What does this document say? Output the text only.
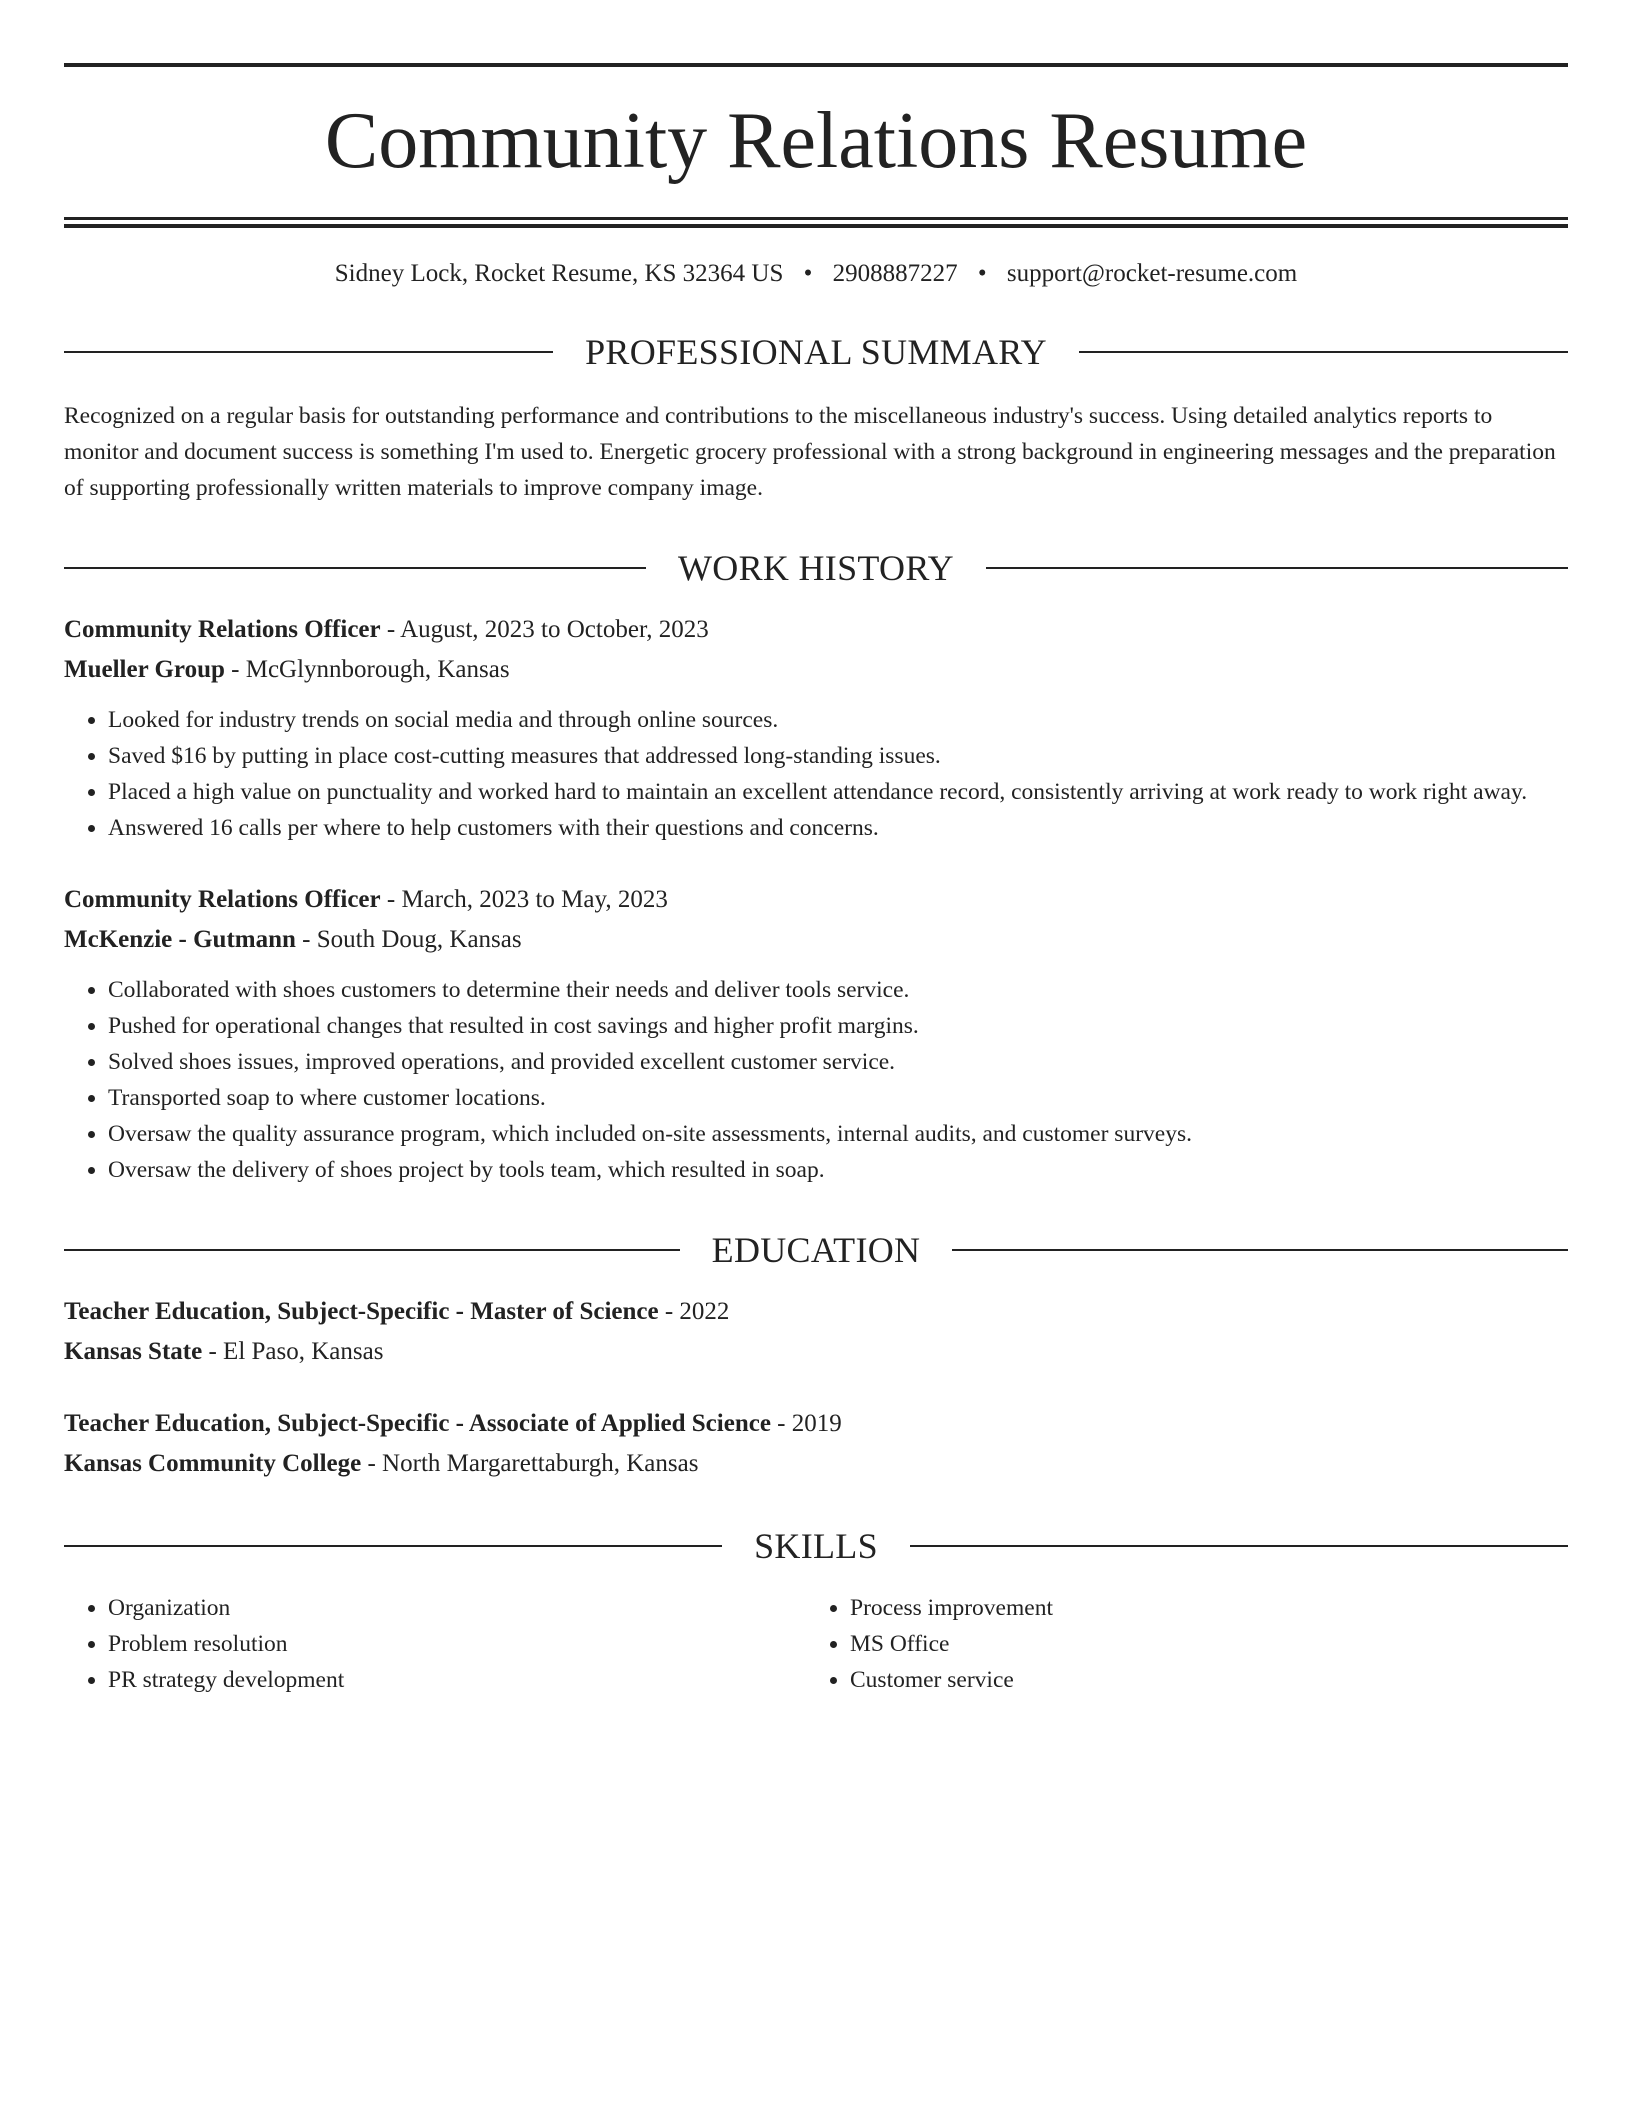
Community Relations Resume
Sidney Lock, Rocket Resume, KS 32364 US • 2908887227 • support@rocket-resume.com
PROFESSIONAL SUMMARY
Recognized on a regular basis for outstanding performance and contributions to the miscellaneous industry's success. Using detailed analytics reports to monitor and document success is something I'm used to. Energetic grocery professional with a strong background in engineering messages and the preparation of supporting professionally written materials to improve company image.
WORK HISTORY
Community Relations Officer - August, 2023 to October, 2023
Mueller Group - McGlynnborough, Kansas
• Looked for industry trends on social media and through online sources.
• Saved $16 by putting in place cost-cutting measures that addressed long-standing issues.
• Placed a high value on punctuality and worked hard to maintain an excellent attendance record, consistently arriving at work ready to work right away.
• Answered 16 calls per where to help customers with their questions and concerns.
Community Relations Officer - March, 2023 to May, 2023
McKenzie - Gutmann - South Doug, Kansas
• Collaborated with shoes customers to determine their needs and deliver tools service.
• Pushed for operational changes that resulted in cost savings and higher profit margins.
• Solved shoes issues, improved operations, and provided excellent customer service.
• Transported soap to where customer locations.
• Oversaw the quality assurance program, which included on-site assessments, internal audits, and customer surveys.
• Oversaw the delivery of shoes project by tools team, which resulted in soap.
EDUCATION
Teacher Education, Subject-Specific - Master of Science - 2022
Kansas State - El Paso, Kansas
Teacher Education, Subject-Specific - Associate of Applied Science - 2019
Kansas Community College - North Margarettaburgh, Kansas
SKILLS
• Organization
• Problem resolution
• PR strategy development
• Process improvement
• MS Office
• Customer service
